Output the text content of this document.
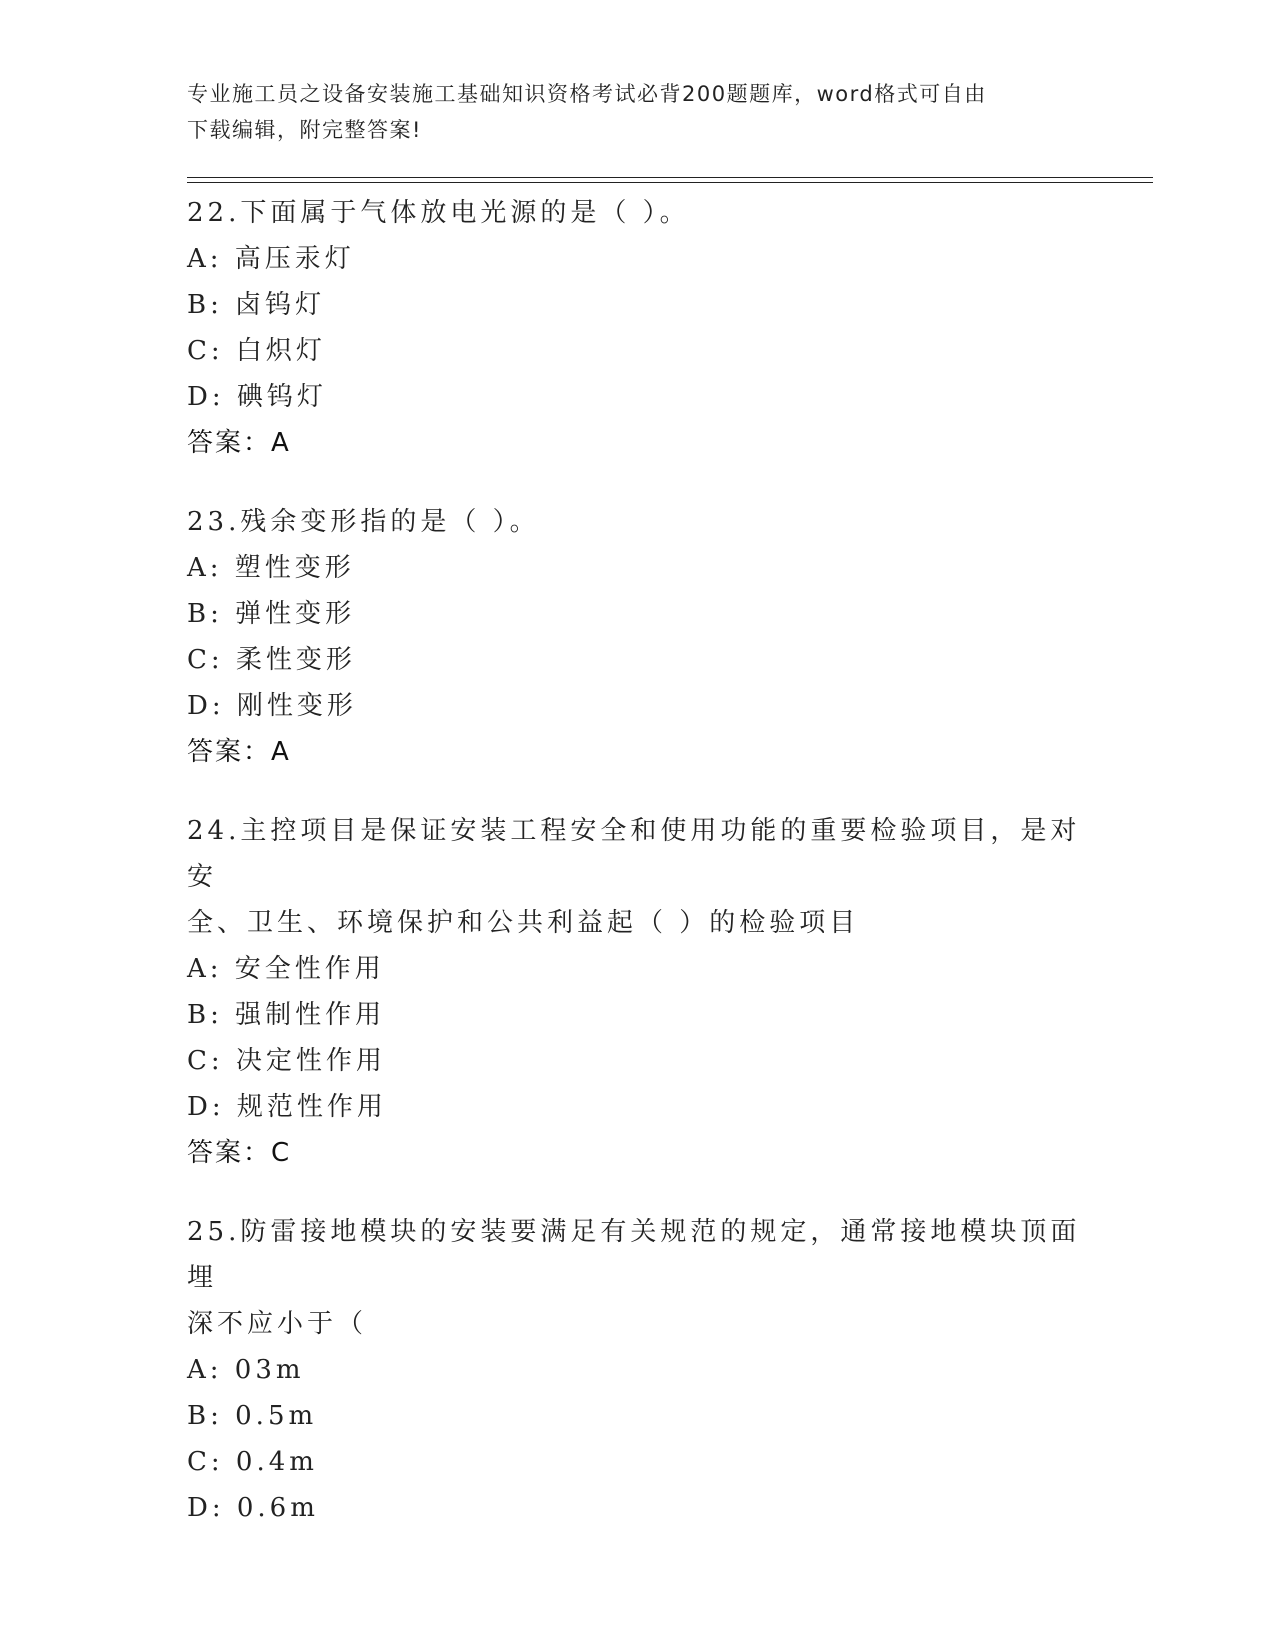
专业施工员之设备安装施工基础知识资格考试必背200题题库，word格式可自由
下载编辑，附完整答案!
22.下面属于气体放电光源的是（ ）。
A: 高压汞灯
B: 卤钨灯
C: 白炽灯
D: 碘钨灯
答案：A
23.残余变形指的是（ ）。
A: 塑性变形
B: 弹性变形
C: 柔性变形
D: 刚性变形
答案：A
24.主控项目是保证安装工程安全和使用功能的重要检验项目，是对安
全、卫生、环境保护和公共利益起（ ）的检验项目
A: 安全性作用
B: 强制性作用
C: 决定性作用
D: 规范性作用
答案：C
25.防雷接地模块的安装要满足有关规范的规定，通常接地模块顶面埋
深不应小于（
A: 03m
B: 0.5m
C: 0.4m
D: 0.6m
